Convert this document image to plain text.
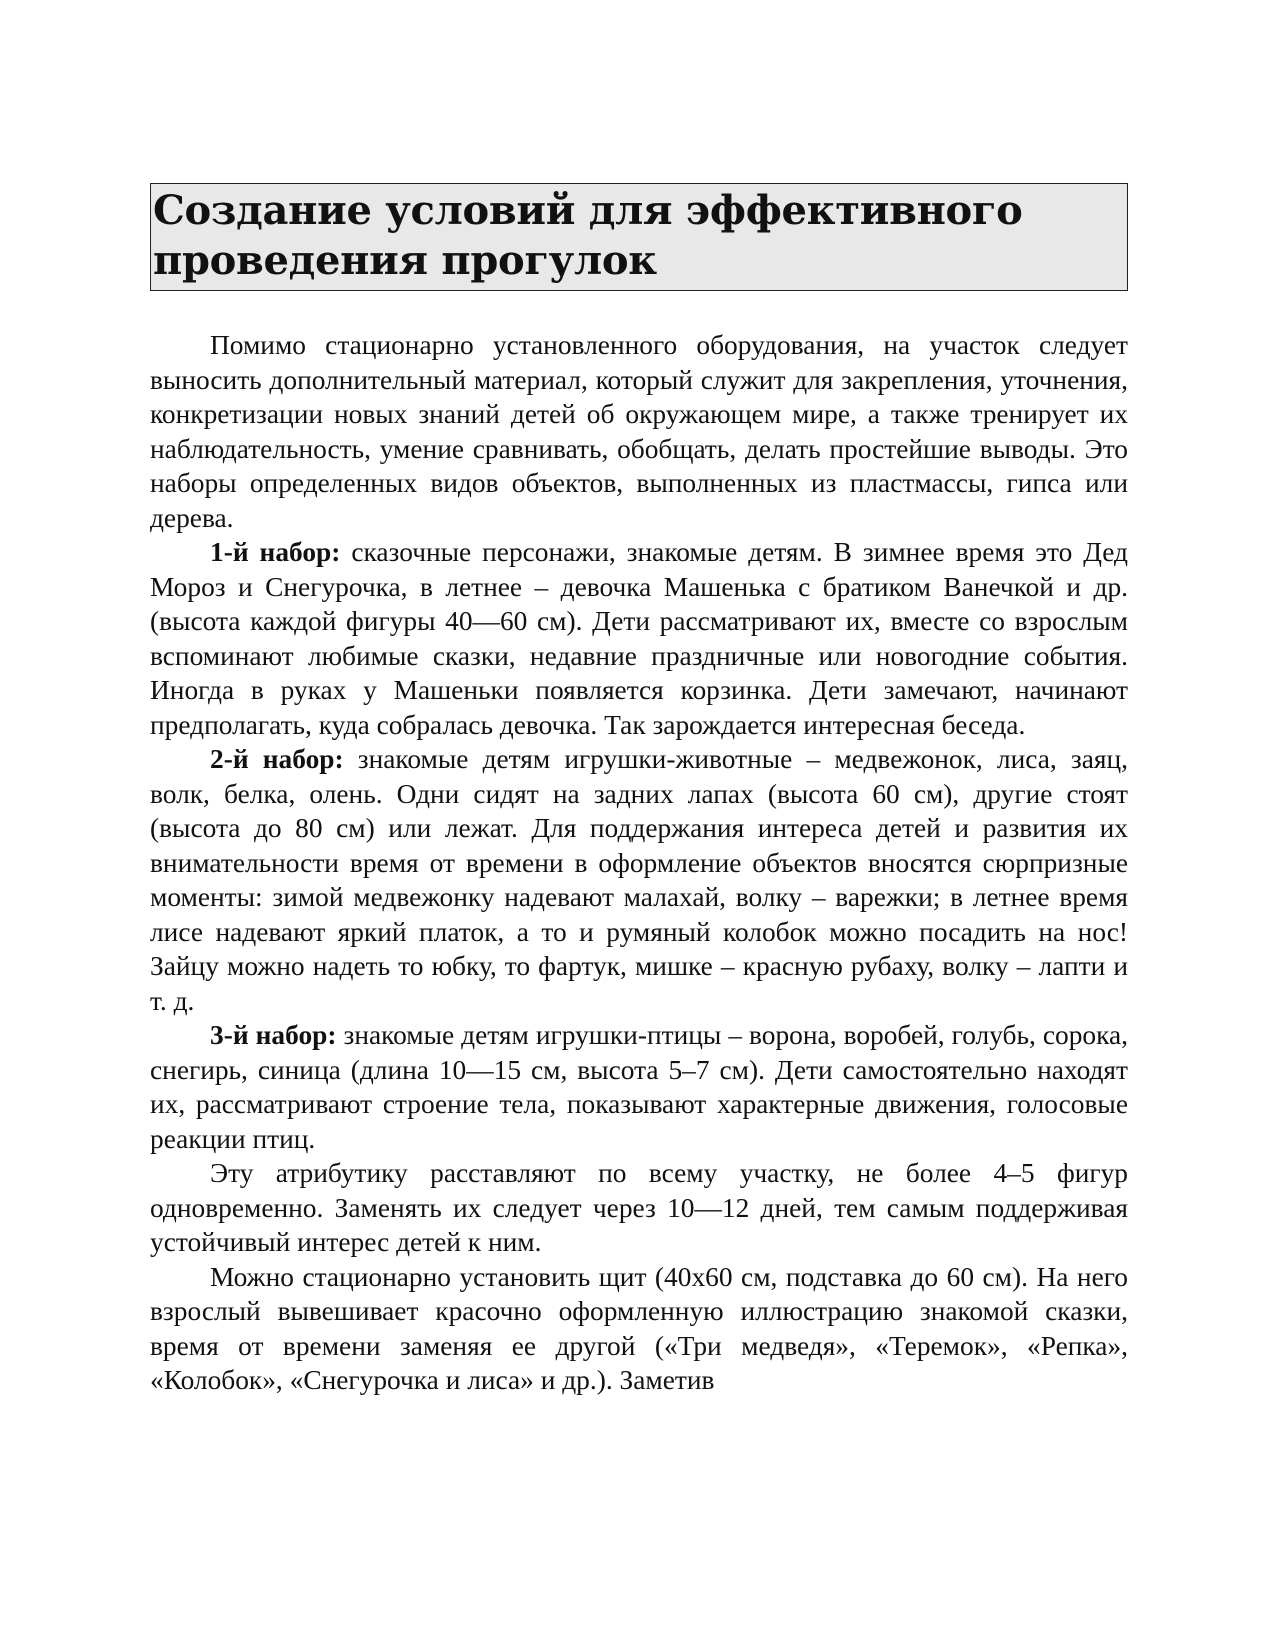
Создание условий для эффективного проведения прогулок

Помимо стационарно установленного оборудования, на участок следует выносить дополнительный материал, который служит для закрепления, уточнения, конкретизации новых знаний детей об окружающем мире, а также тренирует их наблюдательность, умение сравнивать, обобщать, делать простейшие выводы. Это наборы определенных видов объектов, выполненных из пластмассы, гипса или дерева.

1-й набор: сказочные персонажи, знакомые детям. В зимнее время это Дед Мороз и Снегурочка, в летнее – девочка Машенька с братиком Ванечкой и др. (высота каждой фигуры 40—60 см). Дети рассматривают их, вместе со взрослым вспоминают любимые сказки, недавние праздничные или новогодние события. Иногда в руках у Машеньки появляется корзинка. Дети замечают, начинают предполагать, куда собралась девочка. Так зарождается интересная беседа.

2-й набор: знакомые детям игрушки-животные – медвежонок, лиса, заяц, волк, белка, олень. Одни сидят на задних лапах (высота 60 см), другие стоят (высота до 80 см) или лежат. Для поддержания интереса детей и развития их внимательности время от времени в оформление объектов вносятся сюрпризные моменты: зимой медвежонку надевают малахай, волку – варежки; в летнее время лисе надевают яркий платок, а то и румяный колобок можно посадить на нос! Зайцу можно надеть то юбку, то фартук, мишке – красную рубаху, волку – лапти и т. д.

3-й набор: знакомые детям игрушки-птицы – ворона, воробей, голубь, сорока, снегирь, синица (длина 10—15 см, высота 5–7 см). Дети самостоятельно находят их, рассматривают строение тела, показывают характерные движения, голосовые реакции птиц.

Эту атрибутику расставляют по всему участку, не более 4–5 фигур одновременно. Заменять их следует через 10—12 дней, тем самым поддерживая устойчивый интерес детей к ним.

Можно стационарно установить щит (40х60 см, подставка до 60 см). На него взрослый вывешивает красочно оформленную иллюстрацию знакомой сказки, время от времени заменяя ее другой («Три медведя», «Теремок», «Репка», «Колобок», «Снегурочка и лиса» и др.). Заметив
